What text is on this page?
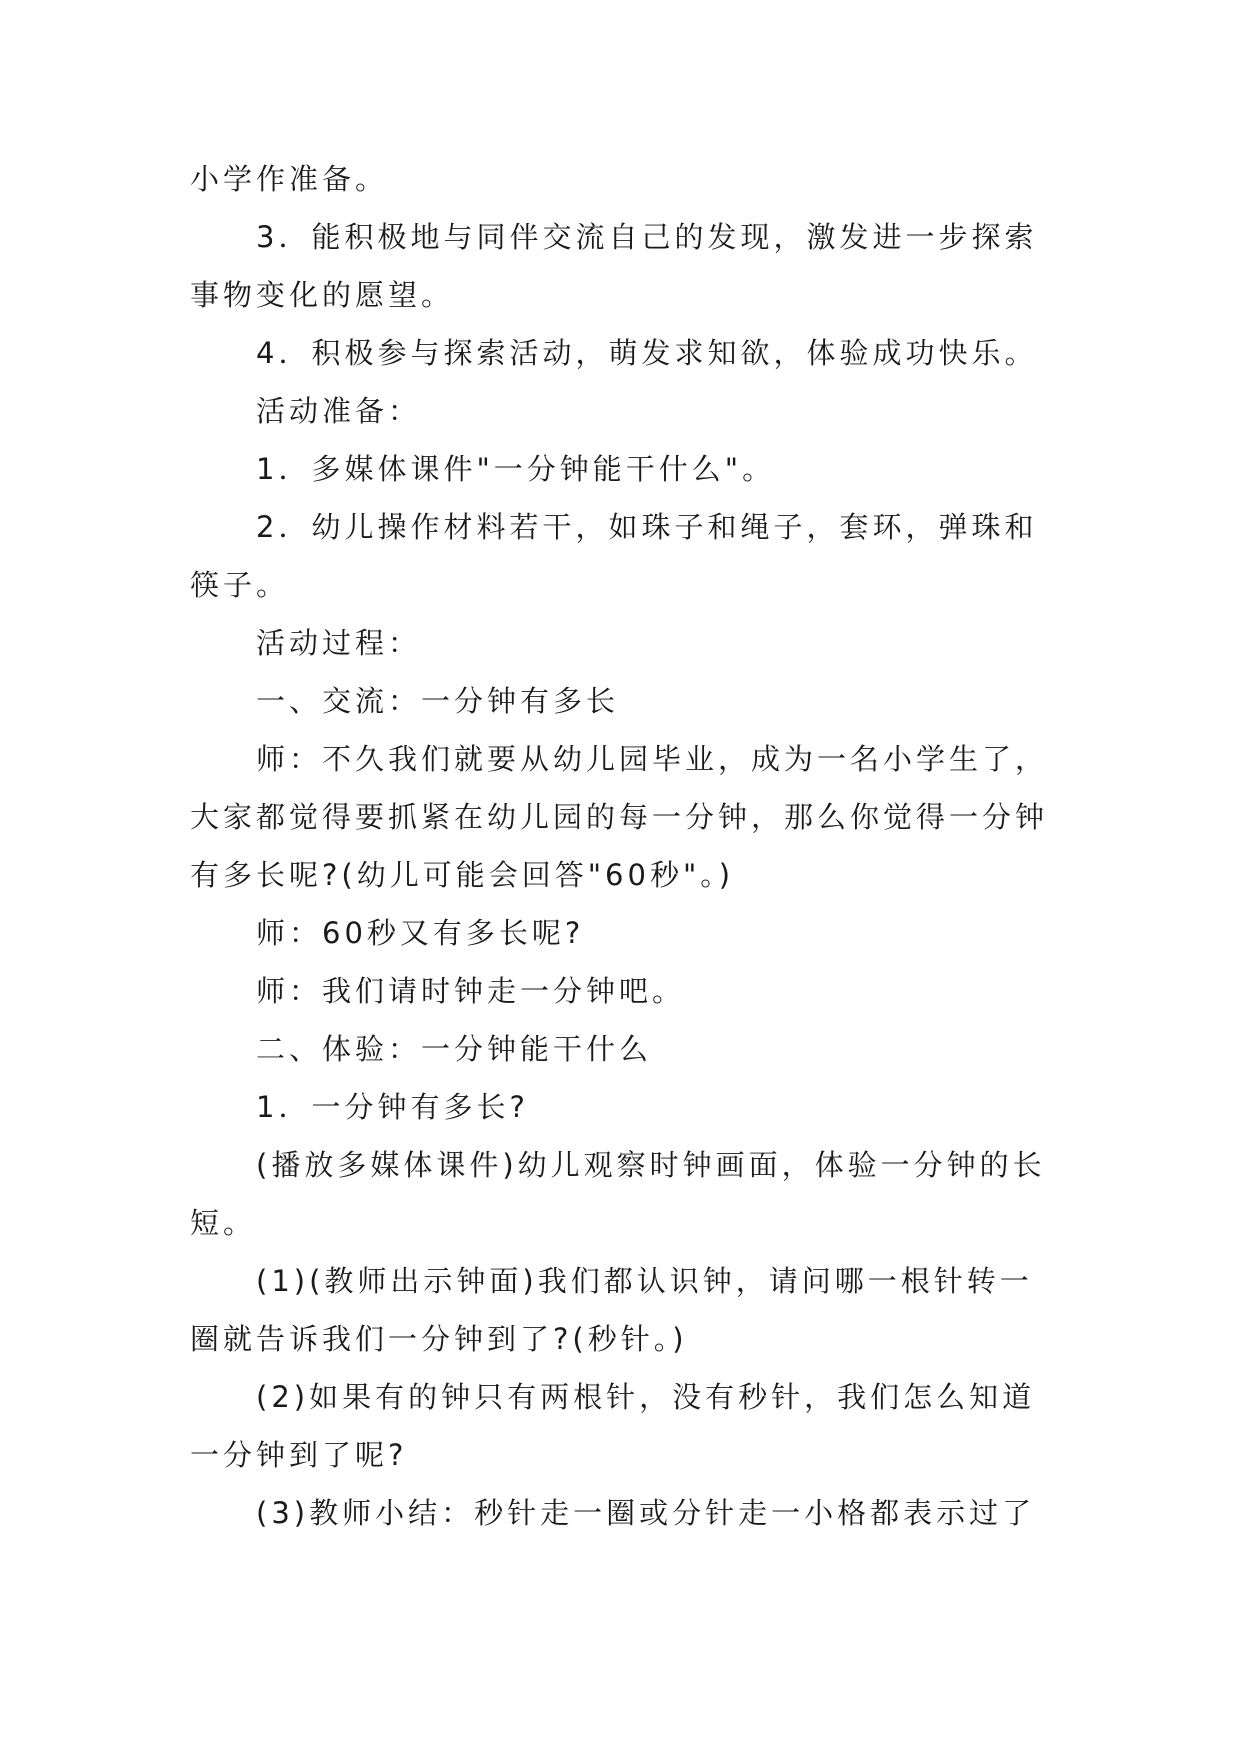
小学作准备。

3．能积极地与同伴交流自己的发现，激发进一步探索事物变化的愿望。

4．积极参与探索活动，萌发求知欲，体验成功快乐。

活动准备：

1．多媒体课件"一分钟能干什么"。

2．幼儿操作材料若干，如珠子和绳子，套环，弹珠和筷子。

活动过程：

一、交流：一分钟有多长

师：不久我们就要从幼儿园毕业，成为一名小学生了，大家都觉得要抓紧在幼儿园的每一分钟，那么你觉得一分钟有多长呢?(幼儿可能会回答"60秒"。)

师：60秒又有多长呢?

师：我们请时钟走一分钟吧。

二、体验：一分钟能干什么

1．一分钟有多长?

(播放多媒体课件)幼儿观察时钟画面，体验一分钟的长短。

(1)(教师出示钟面)我们都认识钟，请问哪一根针转一圈就告诉我们一分钟到了?(秒针。)

(2)如果有的钟只有两根针，没有秒针，我们怎么知道一分钟到了呢?

(3)教师小结：秒针走一圈或分针走一小格都表示过了
